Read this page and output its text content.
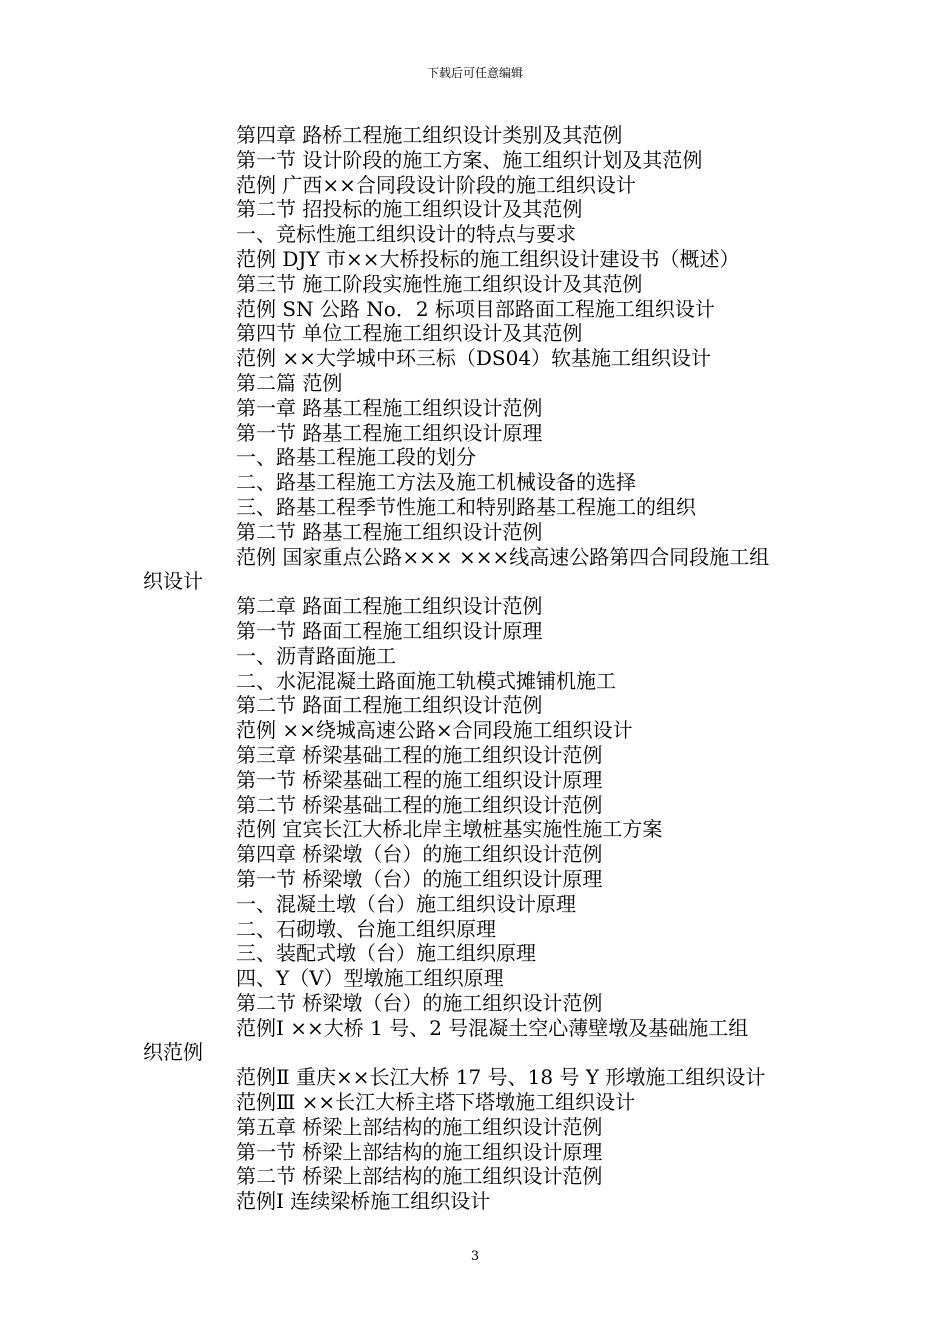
下载后可任意编辑
第四章 路桥工程施工组织设计类别及其范例
第一节 设计阶段的施工方案、施工组织计划及其范例
范例 广西××合同段设计阶段的施工组织设计
第二节 招投标的施工组织设计及其范例
一、竞标性施工组织设计的特点与要求
范例 DJY 市××大桥投标的施工组织设计建设书（概述）
第三节 施工阶段实施性施工组织设计及其范例
范例 SN 公路 No．2 标项目部路面工程施工组织设计
第四节 单位工程施工组织设计及其范例
范例 ××大学城中环三标（DS04）软基施工组织设计
第二篇 范例
第一章 路基工程施工组织设计范例
第一节 路基工程施工组织设计原理
一、路基工程施工段的划分
二、路基工程施工方法及施工机械设备的选择
三、路基工程季节性施工和特别路基工程施工的组织
第二节 路基工程施工组织设计范例
范例 国家重点公路××× ×××线高速公路第四合同段施工组
织设计
第二章 路面工程施工组织设计范例
第一节 路面工程施工组织设计原理
一、沥青路面施工
二、水泥混凝土路面施工轨模式摊铺机施工
第二节 路面工程施工组织设计范例
范例 ××绕城高速公路×合同段施工组织设计
第三章 桥梁基础工程的施工组织设计范例
第一节 桥梁基础工程的施工组织设计原理
第二节 桥梁基础工程的施工组织设计范例
范例 宜宾长江大桥北岸主墩桩基实施性施工方案
第四章 桥梁墩（台）的施工组织设计范例
第一节 桥梁墩（台）的施工组织设计原理
一、混凝土墩（台）施工组织设计原理
二、石砌墩、台施工组织原理
三、装配式墩（台）施工组织原理
四、Y（V）型墩施工组织原理
第二节 桥梁墩（台）的施工组织设计范例
范例Ⅰ ××大桥 1 号、2 号混凝土空心薄壁墩及基础施工组
织范例
范例Ⅱ 重庆××长江大桥 17 号、18 号 Y 形墩施工组织设计
范例Ⅲ ××长江大桥主塔下塔墩施工组织设计
第五章 桥梁上部结构的施工组织设计范例
第一节 桥梁上部结构的施工组织设计原理
第二节 桥梁上部结构的施工组织设计范例
范例Ⅰ 连续梁桥施工组织设计
3
